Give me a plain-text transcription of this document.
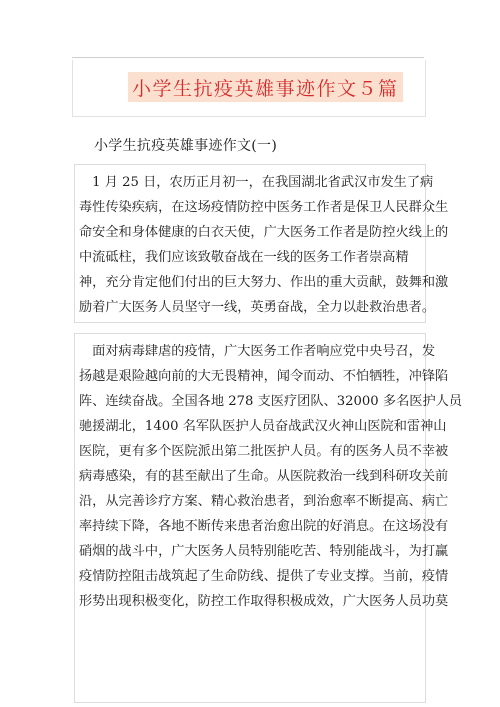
小学生抗疫英雄事迹作文５篇
小学生抗疫英雄事迹作文(一)
　1 月 25 日，农历正月初一，在我国湖北省武汉市发生了病
毒性传染疾病，在这场疫情防控中医务工作者是保卫人民群众生
命安全和身体健康的白衣天使，广大医务工作者是防控火线上的
中流砥柱，我们应该致敬奋战在一线的医务工作者崇高精
神，充分肯定他们付出的巨大努力、作出的重大贡献，鼓舞和激
励着广大医务人员坚守一线，英勇奋战，全力以赴救治患者。
　面对病毒肆虐的疫情，广大医务工作者响应党中央号召，发
扬越是艰险越向前的大无畏精神，闻令而动、不怕牺牲，冲锋陷
阵、连续奋战。全国各地 278 支医疗团队、32000 多名医护人员
驰援湖北，1400 名军队医护人员奋战武汉火神山医院和雷神山
医院，更有多个医院派出第二批医护人员。有的医务人员不幸被
病毒感染，有的甚至献出了生命。从医院救治一线到科研攻关前
沿，从完善诊疗方案、精心救治患者，到治愈率不断提高、病亡
率持续下降，各地不断传来患者治愈出院的好消息。在这场没有
硝烟的战斗中，广大医务人员特别能吃苦、特别能战斗，为打赢
疫情防控阻击战筑起了生命防线、提供了专业支撑。当前，疫情
形势出现积极变化，防控工作取得积极成效，广大医务人员功莫
